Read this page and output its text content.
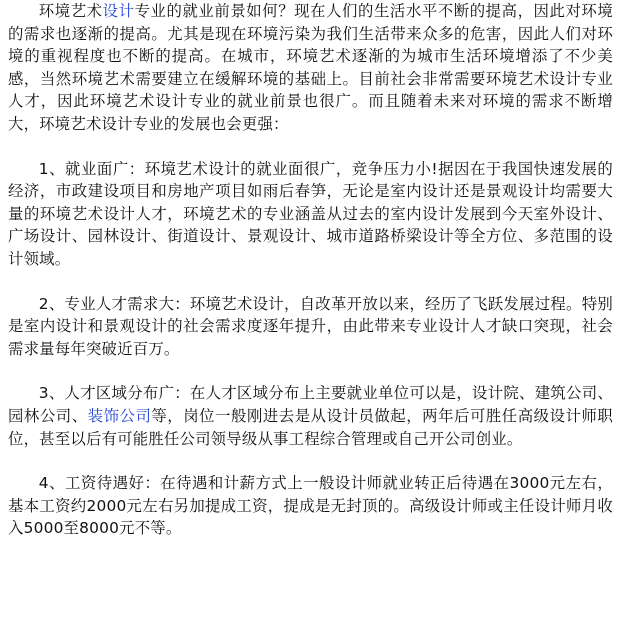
环境艺术设计专业的就业前景如何？现在人们的生活水平不断的提高，因此对环境的需求也逐渐的提高。尤其是现在环境污染为我们生活带来众多的危害，因此人们对环境的重视程度也不断的提高。在城市，环境艺术逐渐的为城市生活环境增添了不少美感，当然环境艺术需要建立在缓解环境的基础上。目前社会非常需要环境艺术设计专业人才，因此环境艺术设计专业的就业前景也很广。而且随着未来对环境的需求不断增大，环境艺术设计专业的发展也会更强：

1、就业面广：环境艺术设计的就业面很广，竞争压力小!据因在于我国快速发展的经济，市政建设项目和房地产项目如雨后春笋，无论是室内设计还是景观设计均需要大量的环境艺术设计人才，环境艺术的专业涵盖从过去的室内设计发展到今天室外设计、广场设计、园林设计、街道设计、景观设计、城市道路桥梁设计等全方位、多范围的设 计领域。

2、专业人才需求大：环境艺术设计，自改革开放以来，经历了飞跃发展过程。特别是室内设计和景观设计的社会需求度逐年提升，由此带来专业设计人才缺口突现，社会需求量每年突破近百万。

3、人才区域分布广：在人才区域分布上主要就业单位可以是，设计院、建筑公司、园林公司、装饰公司等，岗位一般刚进去是从设计员做起，两年后可胜任高级设计师职位，甚至以后有可能胜任公司领导级从事工程综合管理或自己开公司创业。

4、工资待遇好：在待遇和计薪方式上一般设计师就业转正后待遇在3000元左右，基本工资约2000元左右另加提成工资，提成是无封顶的。高级设计师或主任设计师月收入5000至8000元不等。
